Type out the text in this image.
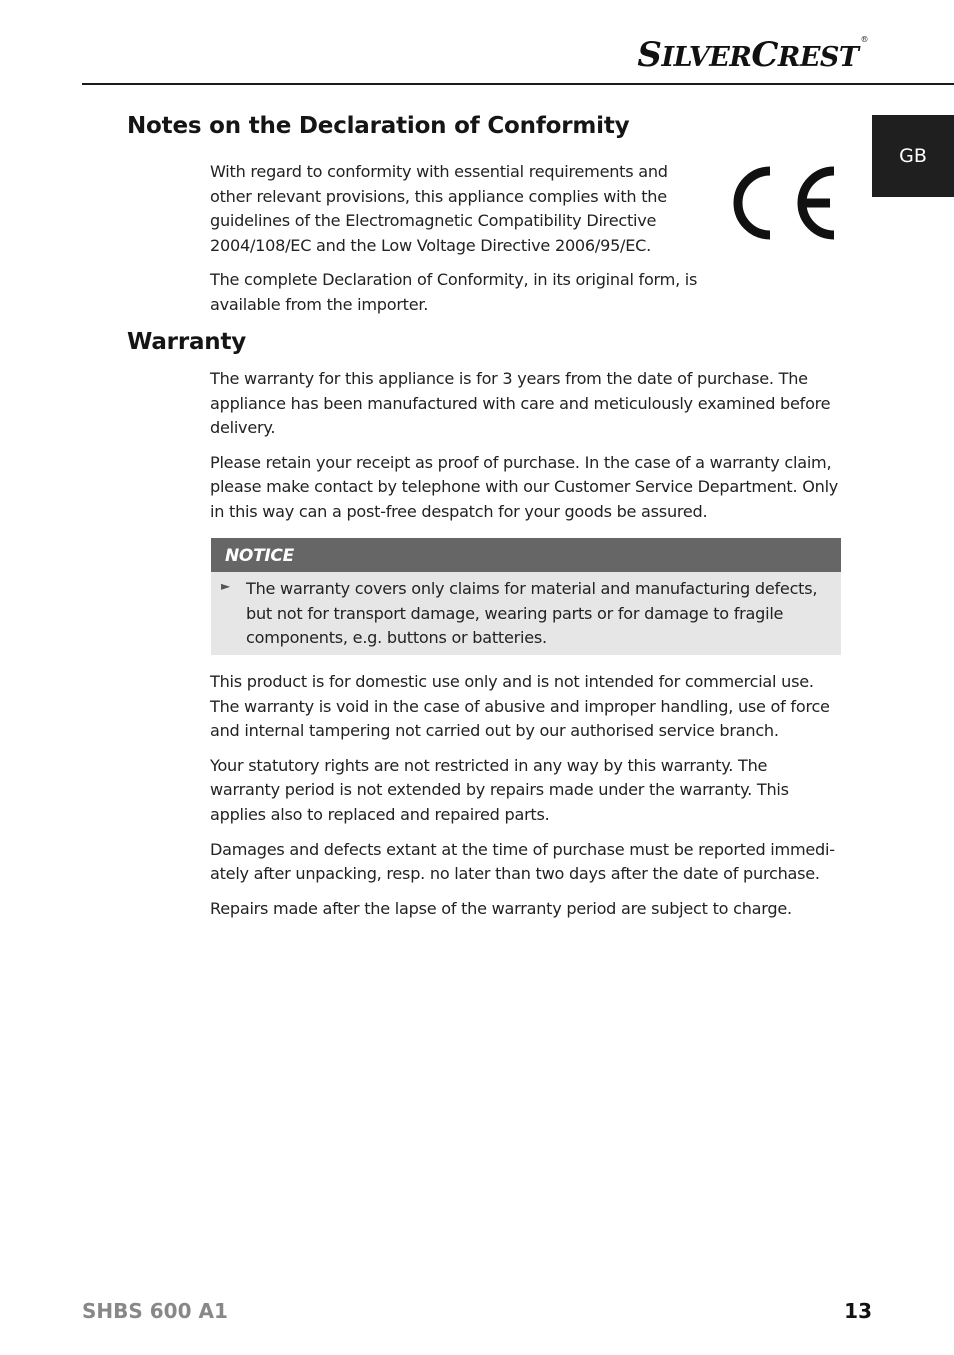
SILVERCREST®
GB
Notes on the Declaration of Conformity

With regard to conformity with essential requirements and other relevant provisions, this appliance complies with the guidelines of the Electromagnetic Compatibility Directive 2004/108/EC and the Low Voltage Directive 2006/95/EC.

The complete Declaration of Conformity, in its original form, is available from the importer.

Warranty

The warranty for this appliance is for 3 years from the date of purchase. The appliance has been manufactured with care and meticulously examined before delivery.

Please retain your receipt as proof of purchase. In the case of a warranty claim, please make contact by telephone with our Customer Service Department. Only in this way can a post-free despatch for your goods be assured.

NOTICE
► The warranty covers only claims for material and manufacturing defects, but not for transport damage, wearing parts or for damage to fragile components, e.g. buttons or batteries.

This product is for domestic use only and is not intended for commercial use. The warranty is void in the case of abusive and improper handling, use of force and internal tampering not carried out by our authorised service branch.

Your statutory rights are not restricted in any way by this warranty. The warranty period is not extended by repairs made under the warranty. This applies also to replaced and repaired parts.

Damages and defects extant at the time of purchase must be reported immedi-ately after unpacking, resp. no later than two days after the date of purchase.

Repairs made after the lapse of the warranty period are subject to charge.

SHBS 600 A1	13
